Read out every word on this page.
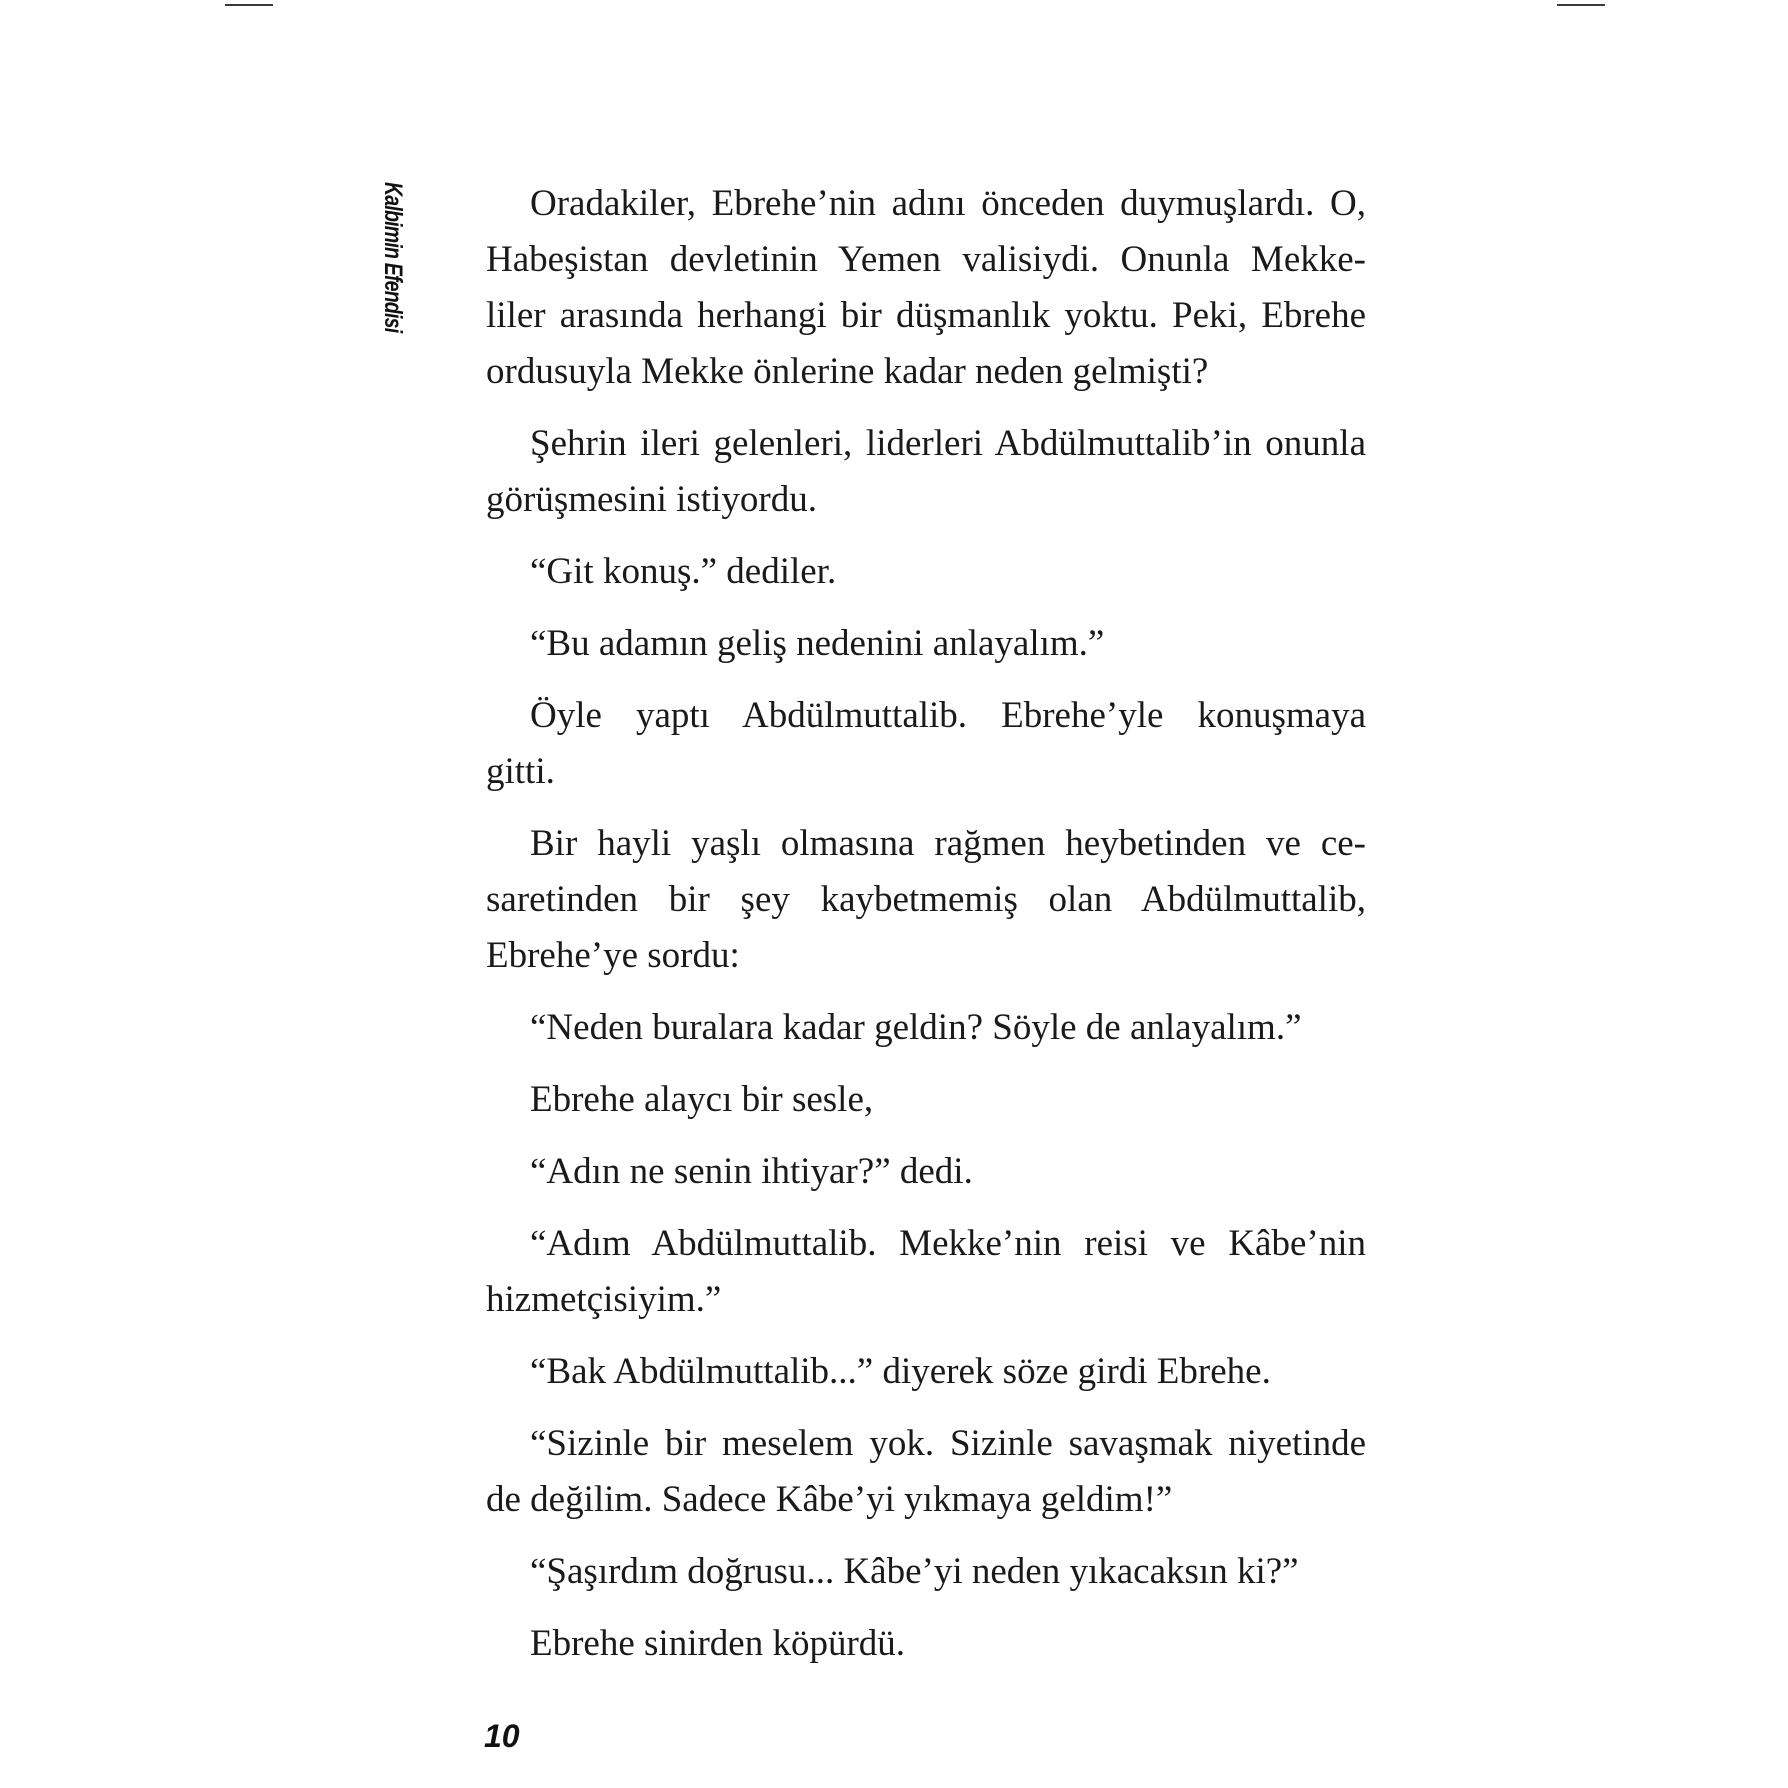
Kalbimin Efendisi	Oradakiler, Ebrehe’nin adını önceden duymuşlardı. O,
Habeşistan devletinin Yemen valisiydi. Onunla Mekke-
liler arasında herhangi bir düşmanlık yoktu. Peki, Ebrehe
ordusuyla Mekke önlerine kadar neden gelmişti?

Şehrin ileri gelenleri, liderleri Abdülmuttalib’in onunla
görüşmesini istiyordu.

“Git konuş.” dediler.

“Bu adamın geliş nedenini anlayalım.”

Öyle yaptı Abdülmuttalib. Ebrehe’yle konuşmaya
gitti.

Bir hayli yaşlı olmasına rağmen heybetinden ve ce-
saretinden bir şey kaybetmemiş olan Abdülmuttalib,
Ebrehe’ye sordu:

“Neden buralara kadar geldin? Söyle de anlayalım.”

Ebrehe alaycı bir sesle,

“Adın ne senin ihtiyar?” dedi.

“Adım Abdülmuttalib. Mekke’nin reisi ve Kâbe’nin
hizmetçisiyim.”

“Bak Abdülmuttalib...” diyerek söze girdi Ebrehe.

“Sizinle bir meselem yok. Sizinle savaşmak niyetinde
de değilim. Sadece Kâbe’yi yıkmaya geldim!”

“Şaşırdım doğrusu... Kâbe’yi neden yıkacaksın ki?”

Ebrehe sinirden köpürdü.

10
